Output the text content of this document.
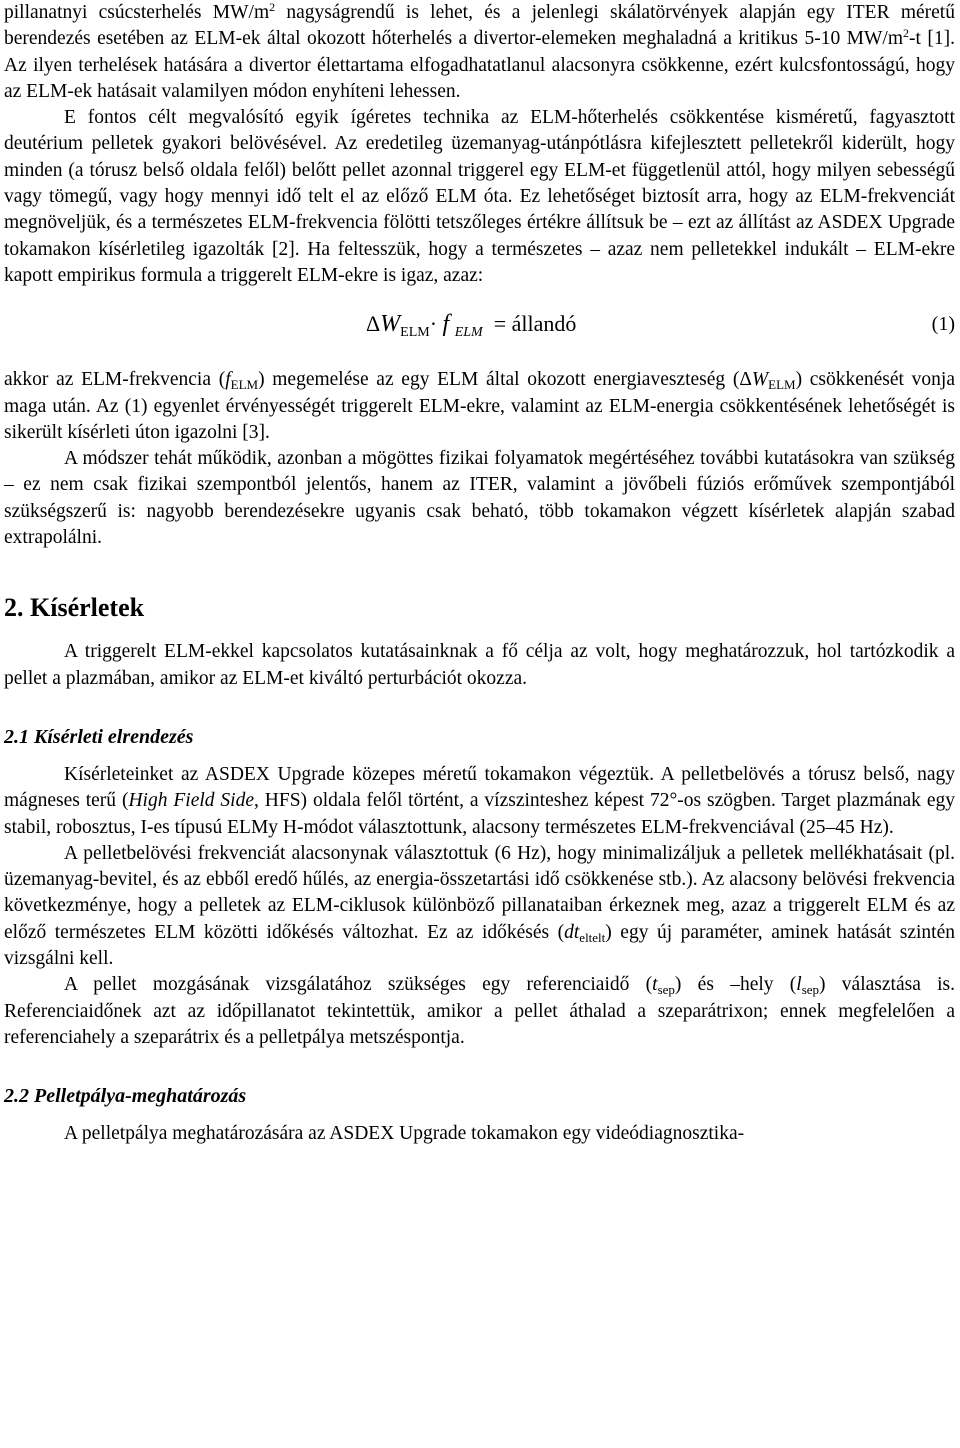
pillanatnyi csúcsterhelés $MW/m^2$ nagyságrendű is lehet, és a jelenlegi skálatörvények alapján egy ITER méretű berendezés esetében az ELM-ek által okozott hőterhelés a divertor-elemeken meghaladná a kritikus 5-10 $MW/m^2-t$ [1]. Az ilyen terhelések hatására a divertor élettartama elfogadhatatlanul alacsonyra csökkenne, ezért kulcsfontosságú, hogy az ELM-ek hatásait valamilyen módon enyhíteni lehessen.

E fontos célt megvalósító egyik ígéretes technika az ELM-hőterhelés csökkentése kisméretű, fagyasztott deutérium pelletek gyakori belövésével. Az eredetileg üzemanyag-utánpótlásra kifejlesztett pelletekről kiderült, hogy minden (a tórusz belső oldala felől) belőtt pellet azonnal triggerel egy ELM-et függetlenül attól, hogy milyen sebességű vagy tömegű, vagy hogy mennyi idő telt el az előző ELM óta. Ez lehetőséget biztosít arra, hogy az ELM-frekvenciát megnöveljük, és a természetes ELM-frekvencia fölötti tetszőleges értékre állítsuk be – ezt az állítást az ASDEX Upgrade tokamakon kísérletileg igazolták [2]. Ha feltesszük, hogy a természetes – azaz nem pelletekkel indukált – ELM-ekre kapott empirikus formula a triggerelt ELM-ekre is igaz, azaz:

$\Delta W_{ELM}\cdot f$ $_{ELM}$ = állandó	(1)

akkor az ELM-frekvencia $(f_{ELM})$ megemelése az egy ELM által okozott energiaveszteség $(\Delta W_{ELM})$ csökkenését vonja maga után. Az (1) egyenlet érvényességét triggerelt ELM-ekre, valamint az ELM-energia csökkentésének lehetőségét is sikerült kísérleti úton igazolni [3].

A módszer tehát működik, azonban a mögöttes fizikai folyamatok megértéséhez további kutatásokra van szükség – ez nem csak fizikai szempontból jelentős, hanem az ITER, valamint a jövőbeli fúziós erőművek szempontjából szükségszerű is: nagyobb berendezésekre ugyanis csak beható, több tokamakon végzett kísérletek alapján szabad extrapolálni.

2. Kísérletek

A triggerelt ELM-ekkel kapcsolatos kutatásainknak a fő célja az volt, hogy meghatározzuk, hol tartózkodik a pellet a plazmában, amikor az ELM-et kiváltó perturbációt okozza.

2.1 Kísérleti elrendezés

Kísérleteinket az ASDEX Upgrade közepes méretű tokamakon végeztük. A pelletbelövés a tórusz belső, nagy mágneses terű (High Field Side, HFS) oldala felől történt, a vízszinteshez képest 72°-os szögben. Target plazmának egy stabil, robosztus, I-es típusú ELMy H-módot választottunk, alacsony természetes ELM-frekvenciával (25–45 Hz).

A pelletbelövési frekvenciát alacsonynak választottuk (6 Hz), hogy minimalizáljuk a pelletek mellékhatásait (pl. üzemanyag-bevitel, és az ebből eredő hűlés, az energia-összetartási idő csökkenése stb.). Az alacsony belövési frekvencia következménye, hogy a pelletek az ELM-ciklusok különböző pillanataiban érkeznek meg, azaz a triggerelt ELM és az előző természetes ELM közötti időkésés változhat. Ez az időkésés $(dt_{eltelt})$ egy új paraméter, aminek hatását szintén vizsgálni kell.

A pellet mozgásának vizsgálatához szükséges egy referenciaidő $(t_{sep})$ és –hely $(l_{sep})$ választása is. Referenciaidőnek azt az időpillanatot tekintettük, amikor a pellet áthalad a szeparátrixon; ennek megfelelően a referenciahely a szeparátrix és a pelletpálya metszéspontja.

2.2 Pelletpálya-meghatározás

A pelletpálya meghatározására az ASDEX Upgrade tokamakon egy videódiagnosztika-
